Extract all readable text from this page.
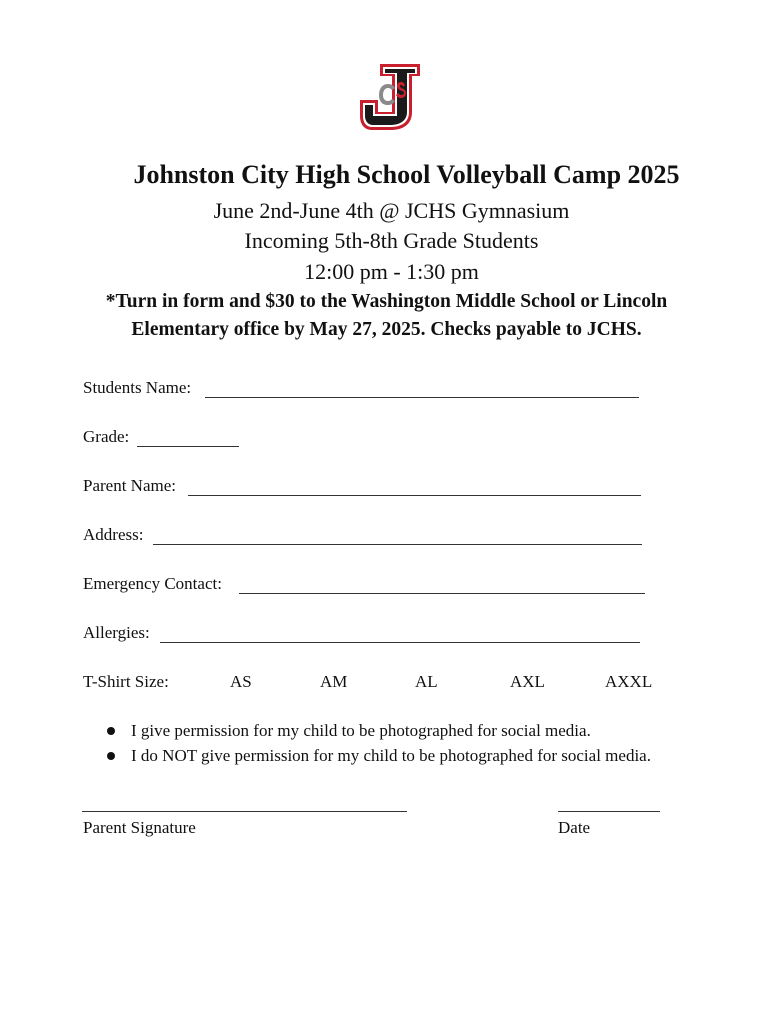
Johnston City High School Volleyball Camp 2025
June 2nd-June 4th @ JCHS Gymnasium
Incoming 5th-8th Grade Students
12:00 pm - 1:30 pm
*Turn in form and $30 to the Washington Middle School or Lincoln
Elementary office by May 27, 2025. Checks payable to JCHS.
Students Name:
Grade:
Parent Name:
Address:
Emergency Contact:
Allergies:
T-Shirt Size:	AS	AM	AL	AXL	AXXL
I give permission for my child to be photographed for social media.
I do NOT give permission for my child to be photographed for social media.
Parent Signature	Date
